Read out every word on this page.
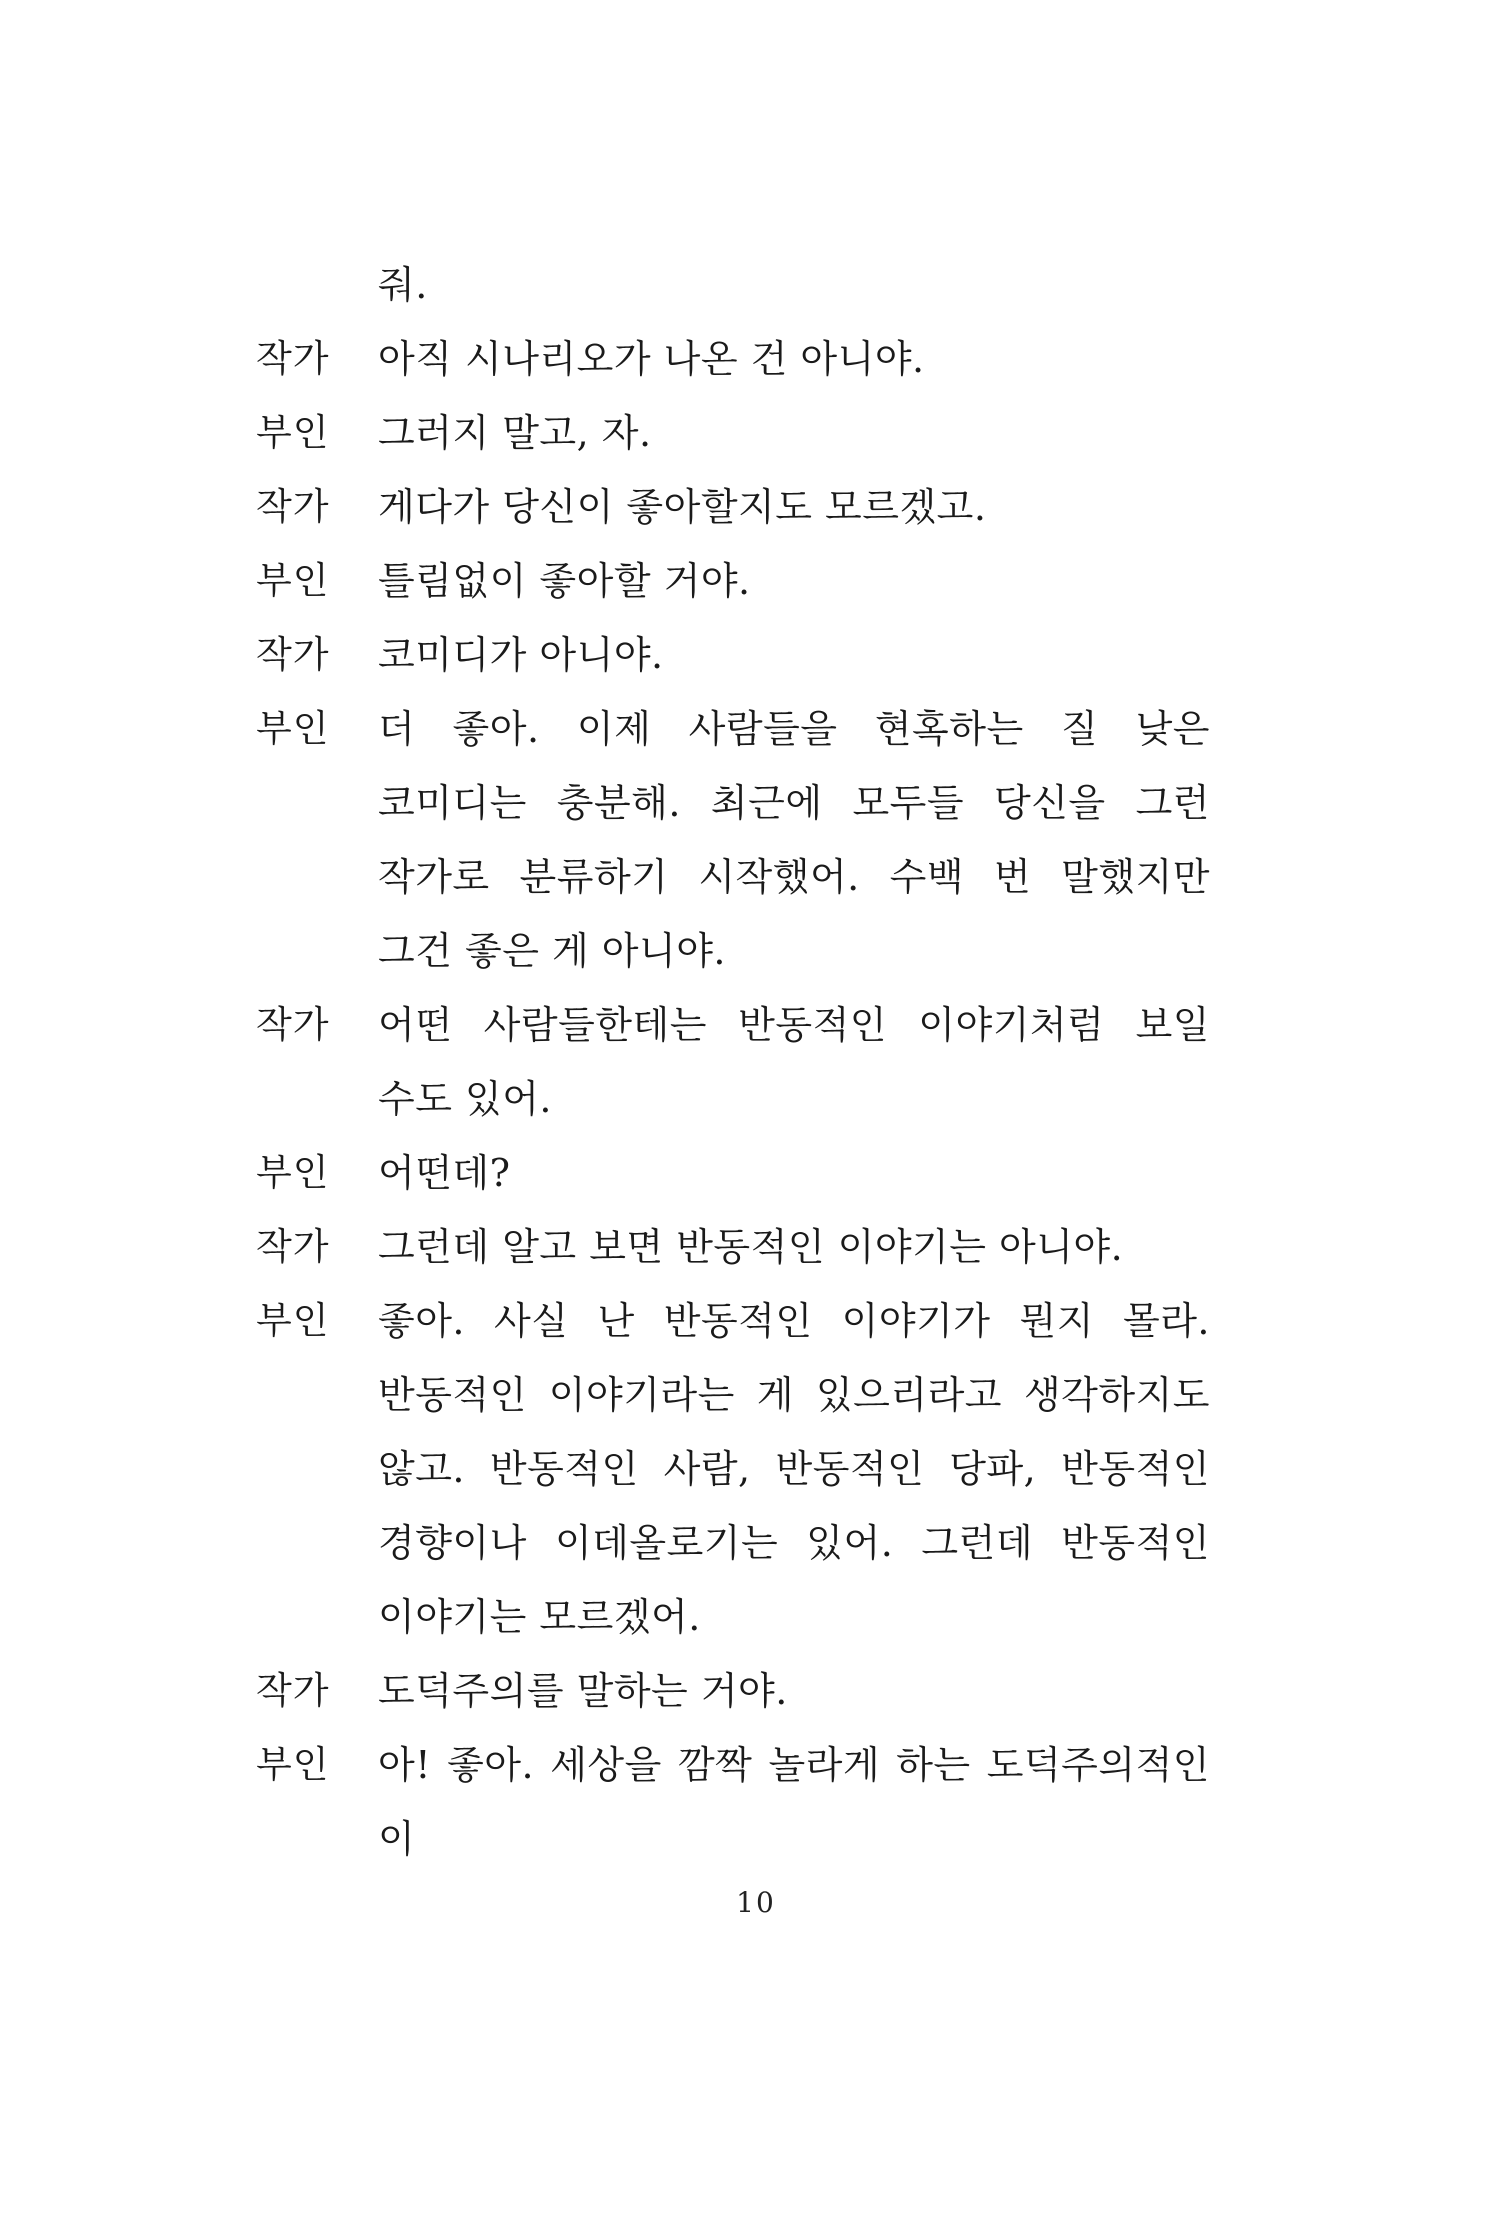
줘.
작가	아직 시나리오가 나온 건 아니야.
부인	그러지 말고, 자.
작가	게다가 당신이 좋아할지도 모르겠고.
부인	틀림없이 좋아할 거야.
작가	코미디가 아니야.
부인	더 좋아. 이제 사람들을 현혹하는 질 낮은 코미디는 충분해. 최근에 모두들 당신을 그런 작가로 분류하기 시작했어. 수백 번 말했지만 그건 좋은 게 아니야.
작가	어떤 사람들한테는 반동적인 이야기처럼 보일 수도 있어.
부인	어떤데?
작가	그런데 알고 보면 반동적인 이야기는 아니야.
부인	좋아. 사실 난 반동적인 이야기가 뭔지 몰라. 반동적인 이야기라는 게 있으리라고 생각하지도 않고. 반동적인 사람, 반동적인 당파, 반동적인 경향이나 이데올로기는 있어. 그런데 반동적인 이야기는 모르겠어.
작가	도덕주의를 말하는 거야.
부인	아! 좋아. 세상을 깜짝 놀라게 하는 도덕주의적인 이
10
